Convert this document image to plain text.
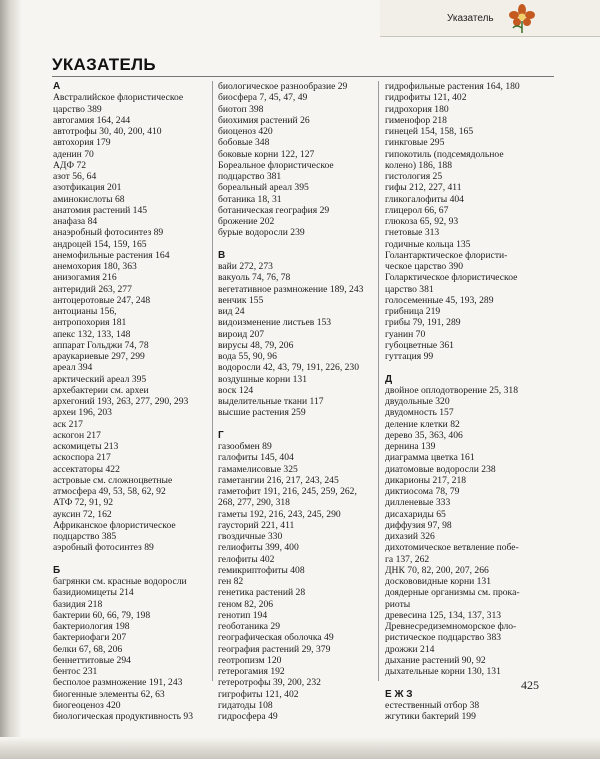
Указатель
УКАЗАТЕЛЬ
А
Австралийское флористическое
царство 389
автогамия 164, 244
автотрофы 30, 40, 200, 410
автохория 179
аденин 70
АДФ 72
азот 56, 64
азотфикация 201
аминокислоты 68
анатомия растений 145
анафаза 84
анаэробный фотосинтез 89
андроцей 154, 159, 165
анемофильные растения 164
анемохория 180, 363
анизогамия 216
антеридий 263, 277
антоцеротовые 247, 248
антоцианы 156,
антропохория 181
апекс 132, 133, 148
аппарат Гольджи 74, 78
араукариевые 297, 299
ареал 394
арктический ареал 395
архебактерии см. археи
архегоний 193, 263, 277, 290, 293
археи 196, 203
аск 217
аскогон 217
аскомицеты 213
аскоспора 217
ассектаторы 422
астровые см. сложноцветные
атмосфера 49, 53, 58, 62, 92
АТФ 72, 91, 92
ауксин 72, 162
Африканское флористическое
подцарство 385
аэробный фотосинтез 89
Б
багрянки см. красные водоросли
базидиомицеты 214
базидия 218
бактерии 60, 66, 79, 198
бактериология 198
бактериофаги 207
белки 67, 68, 206
беннеттитовые 294
бентос 231
бесполое размножение 191, 243
биогенные элементы 62, 63
биогеоценоз 420
биологическая продуктивность 93
биологическое разнообразие 29
биосфера 7, 45, 47, 49
биотоп 398
биохимия растений 26
биоценоз 420
бобовые 348
боковые корни 122, 127
Бореальное флористическое
подцарство 381
бореальный ареал 395
ботаника 18, 31
ботаническая география 29
брожение 202
бурые водоросли 239
В
вайи 272, 273
вакуоль 74, 76, 78
вегетативное размножение 189, 243
венчик 155
вид 24
видоизменение листьев 153
вироид 207
вирусы 48, 79, 206
вода 55, 90, 96
водоросли 42, 43, 79, 191, 226, 230
воздушные корни 131
воск 124
выделительные ткани 117
высшие растения 259
Г
газообмен 89
галофиты 145, 404
гамамелисовые 325
гаметангии 216, 217, 243, 245
гаметофит 191, 216, 245, 259, 262,
268, 277, 290, 318
гаметы 192, 216, 243, 245, 290
гаусторий 221, 411
гвоздичные 330
гелиофиты 399, 400
гелофиты 402
гемикриптофиты 408
ген 82
генетика растений 28
геном 82, 206
генотип 194
геоботаника 29
географическая оболочка 49
география растений 29, 379
геотропизм 120
гетерогамия 192
гетеротрофы 39, 200, 232
гигрофиты 121, 402
гидатоды 108
гидросфера 49
гидрофильные растения 164, 180
гидрофиты 121, 402
гидрохория 180
гименофор 218
гинецей 154, 158, 165
гинкговые 295
гипокотиль (подсемядольное
колено) 186, 188
гистология 25
гифы 212, 227, 411
гликогалофиты 404
глицерол 66, 67
глюкоза 65, 92, 93
гнетовые 313
годичные кольца 135
Голантарктическое флористи-
ческое царство 390
Голарктическое флористическое
царство 381
голосеменные 45, 193, 289
грибница 219
грибы 79, 191, 289
гуанин 70
губоцветные 361
гуттация 99
Д
двойное оплодотворение 25, 318
двудольные 320
двудомность 157
деление клетки 82
дерево 35, 363, 406
дернина 139
диаграмма цветка 161
диатомовые водоросли 238
дикарионы 217, 218
диктиосома 78, 79
дилленевые 333
дисахариды 65
диффузия 97, 98
дихазий 326
дихотомическое ветвление побе-
га 137, 262
ДНК 70, 82, 200, 207, 266
доскововидные корни 131
доядерные организмы см. прока-
риоты
древесина 125, 134, 137, 313
Древнесредиземноморское фло-
ристическое подцарство 383
дрожжи 214
дыхание растений 90, 92
дыхательные корни 130, 131
Е Ж З
естественный отбор 38
жгутики бактерий 199
425
